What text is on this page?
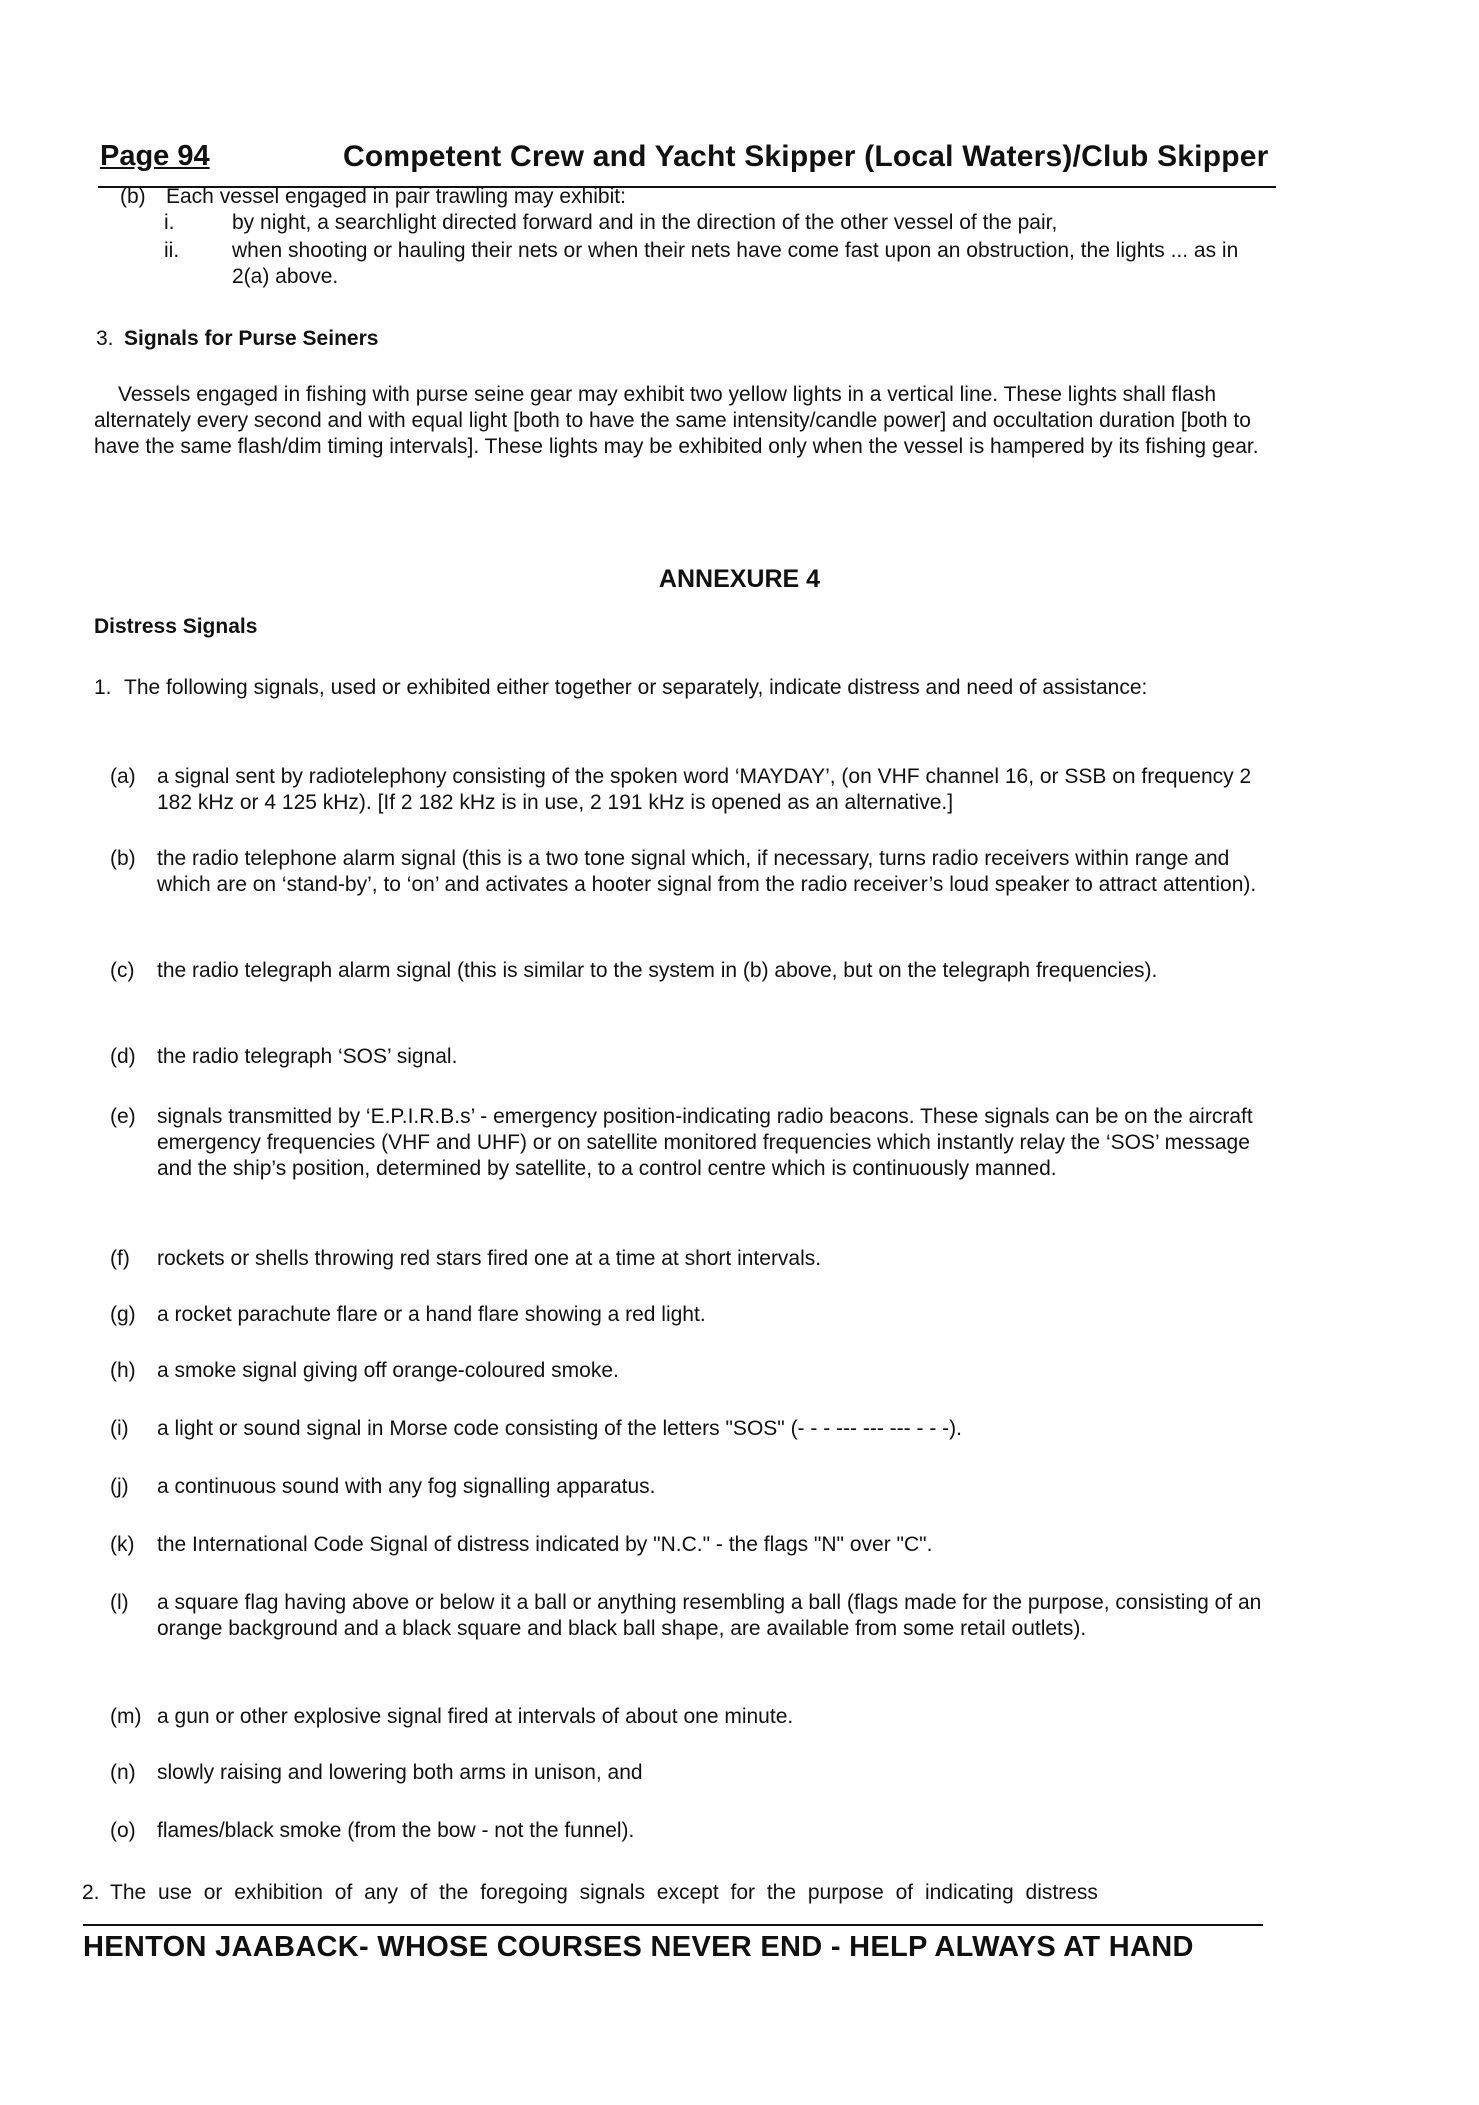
Page 94	Competent Crew and Yacht Skipper (Local Waters)/Club Skipper
(b) Each vessel engaged in pair trawling may exhibit:
i.	by night, a searchlight directed forward and in the direction of the other vessel of the pair,
ii.	when shooting or hauling their nets or when their nets have come fast upon an obstruction, the lights ... as in 2(a) above.
3. Signals for Purse Seiners
Vessels engaged in fishing with purse seine gear may exhibit two yellow lights in a vertical line. These lights shall flash alternately every second and with equal light [both to have the same intensity/candle power] and occultation duration [both to have the same flash/dim timing intervals]. These lights may be exhibited only when the vessel is hampered by its fishing gear.
ANNEXURE 4
Distress Signals
1. The following signals, used or exhibited either together or separately, indicate distress and need of assistance:
(a) a signal sent by radiotelephony consisting of the spoken word ‘MAYDAY’, (on VHF channel 16, or SSB on frequency 2 182 kHz or 4 125 kHz). [If 2 182 kHz is in use, 2 191 kHz is opened as an alternative.]
(b) the radio telephone alarm signal (this is a two tone signal which, if necessary, turns radio receivers within range and which are on ‘stand-by’, to ‘on’ and activates a hooter signal from the radio receiver’s loud speaker to attract attention).
(c) the radio telegraph alarm signal (this is similar to the system in (b) above, but on the telegraph frequencies).
(d) the radio telegraph ‘SOS’ signal.
(e) signals transmitted by ‘E.P.I.R.B.s’ - emergency position-indicating radio beacons. These signals can be on the aircraft emergency frequencies (VHF and UHF) or on satellite monitored frequencies which instantly relay the ‘SOS’ message and the ship’s position, determined by satellite, to a control centre which is continuously manned.
(f) rockets or shells throwing red stars fired one at a time at short intervals.
(g) a rocket parachute flare or a hand flare showing a red light.
(h) a smoke signal giving off orange-coloured smoke.
(i) a light or sound signal in Morse code consisting of the letters "SOS" (- - - --- --- --- - - -).
(j) a continuous sound with any fog signalling apparatus.
(k) the International Code Signal of distress indicated by "N.C." - the flags "N" over "C".
(l) a square flag having above or below it a ball or anything resembling a ball (flags made for the purpose, consisting of an orange background and a black square and black ball shape, are available from some retail outlets).
(m) a gun or other explosive signal fired at intervals of about one minute.
(n) slowly raising and lowering both arms in unison, and
(o) flames/black smoke (from the bow - not the funnel).
2. The use or exhibition of any of the foregoing signals except for the purpose of indicating distress
HENTON JAABACK- WHOSE COURSES NEVER END - HELP ALWAYS AT HAND
